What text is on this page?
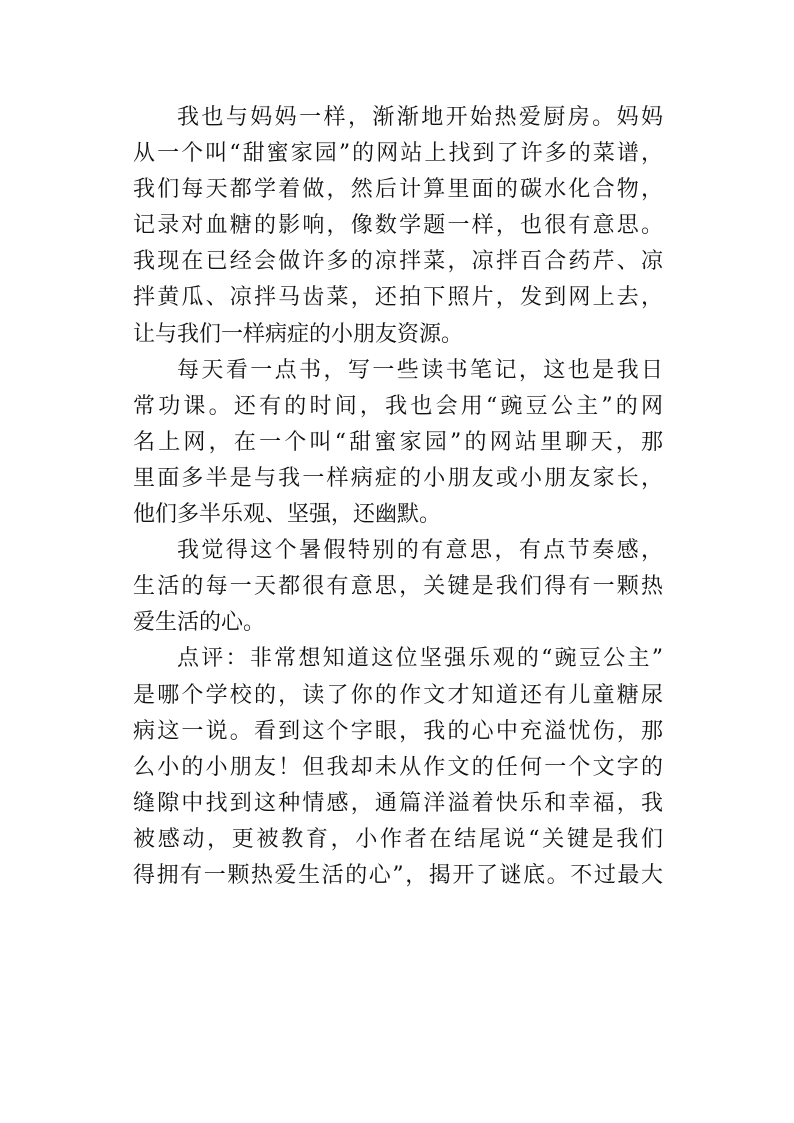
我也与妈妈一样，渐渐地开始热爱厨房。妈妈
从一个叫“甜蜜家园”的网站上找到了许多的菜谱，
我们每天都学着做，然后计算里面的碳水化合物，
记录对血糖的影响，像数学题一样，也很有意思。
我现在已经会做许多的凉拌菜，凉拌百合药芹、凉
拌黄瓜、凉拌马齿菜，还拍下照片，发到网上去，
让与我们一样病症的小朋友资源。
每天看一点书，写一些读书笔记，这也是我日
常功课。还有的时间，我也会用“豌豆公主”的网
名上网，在一个叫“甜蜜家园”的网站里聊天，那
里面多半是与我一样病症的小朋友或小朋友家长，
他们多半乐观、坚强，还幽默。
我觉得这个暑假特别的有意思，有点节奏感，
生活的每一天都很有意思，关键是我们得有一颗热
爱生活的心。
点评：非常想知道这位坚强乐观的“豌豆公主”
是哪个学校的，读了你的作文才知道还有儿童糖尿
病这一说。看到这个字眼，我的心中充溢忧伤，那
么小的小朋友！但我却未从作文的任何一个文字的
缝隙中找到这种情感，通篇洋溢着快乐和幸福，我
被感动，更被教育，小作者在结尾说“关键是我们
得拥有一颗热爱生活的心”，揭开了谜底。不过最大
